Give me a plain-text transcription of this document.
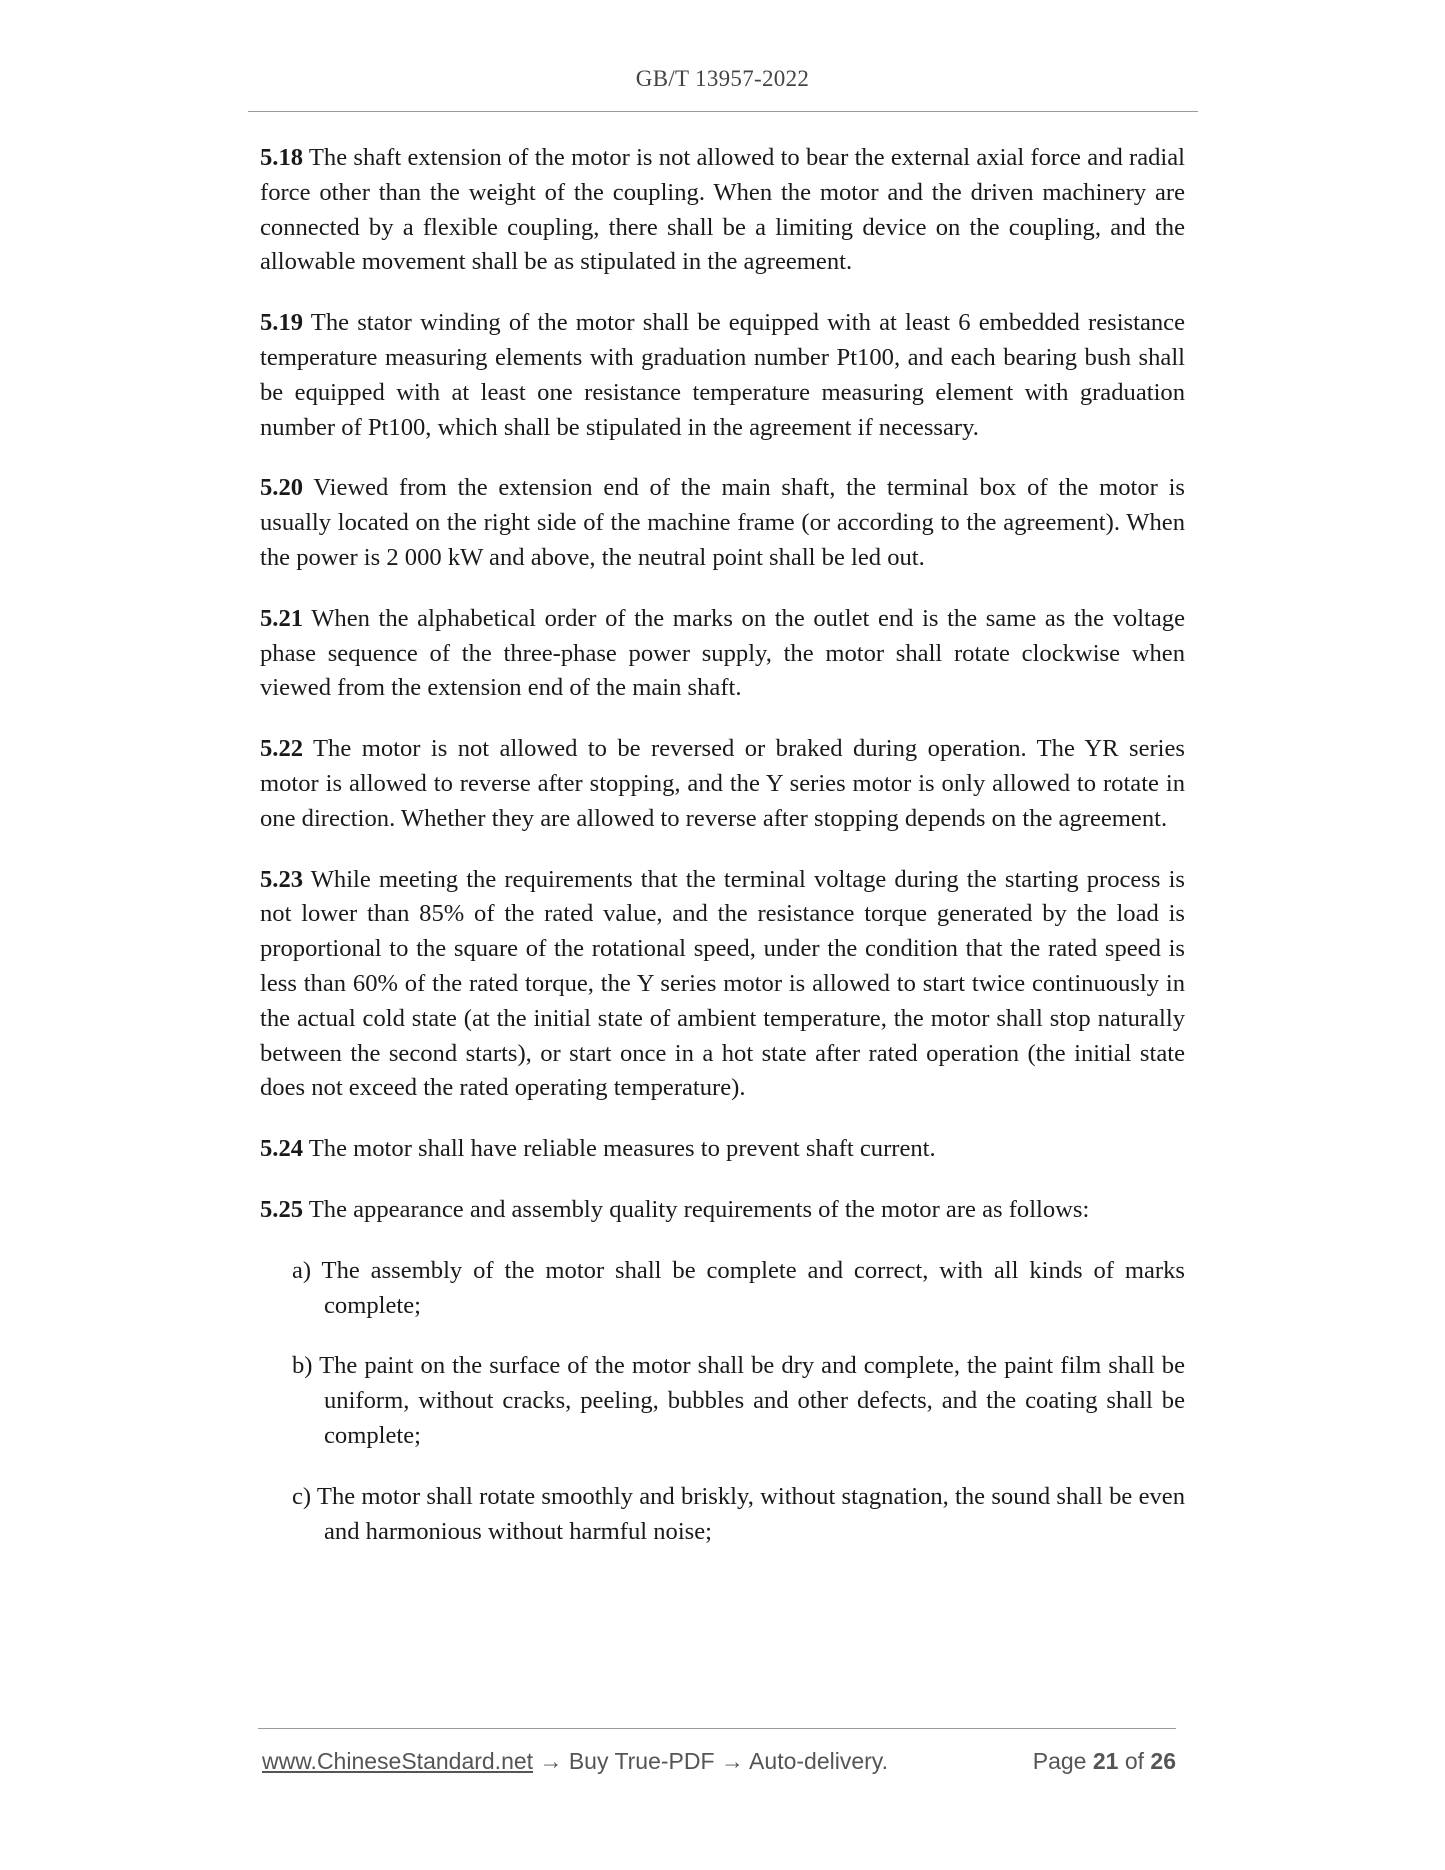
GB/T 13957-2022

5.18 The shaft extension of the motor is not allowed to bear the external axial force and radial force other than the weight of the coupling. When the motor and the driven machinery are connected by a flexible coupling, there shall be a limiting device on the coupling, and the allowable movement shall be as stipulated in the agreement.

5.19 The stator winding of the motor shall be equipped with at least 6 embedded resistance temperature measuring elements with graduation number Pt100, and each bearing bush shall be equipped with at least one resistance temperature measuring element with graduation number of Pt100, which shall be stipulated in the agreement if necessary.

5.20 Viewed from the extension end of the main shaft, the terminal box of the motor is usually located on the right side of the machine frame (or according to the agreement). When the power is 2 000 kW and above, the neutral point shall be led out.

5.21 When the alphabetical order of the marks on the outlet end is the same as the voltage phase sequence of the three-phase power supply, the motor shall rotate clockwise when viewed from the extension end of the main shaft.

5.22 The motor is not allowed to be reversed or braked during operation. The YR series motor is allowed to reverse after stopping, and the Y series motor is only allowed to rotate in one direction. Whether they are allowed to reverse after stopping depends on the agreement.

5.23 While meeting the requirements that the terminal voltage during the starting process is not lower than 85% of the rated value, and the resistance torque generated by the load is proportional to the square of the rotational speed, under the condition that the rated speed is less than 60% of the rated torque, the Y series motor is allowed to start twice continuously in the actual cold state (at the initial state of ambient temperature, the motor shall stop naturally between the second starts), or start once in a hot state after rated operation (the initial state does not exceed the rated operating temperature).

5.24 The motor shall have reliable measures to prevent shaft current.

5.25 The appearance and assembly quality requirements of the motor are as follows:

a) The assembly of the motor shall be complete and correct, with all kinds of marks complete;

b) The paint on the surface of the motor shall be dry and complete, the paint film shall be uniform, without cracks, peeling, bubbles and other defects, and the coating shall be complete;

c) The motor shall rotate smoothly and briskly, without stagnation, the sound shall be even and harmonious without harmful noise;

www.ChineseStandard.net → Buy True-PDF → Auto-delivery.	Page 21 of 26
